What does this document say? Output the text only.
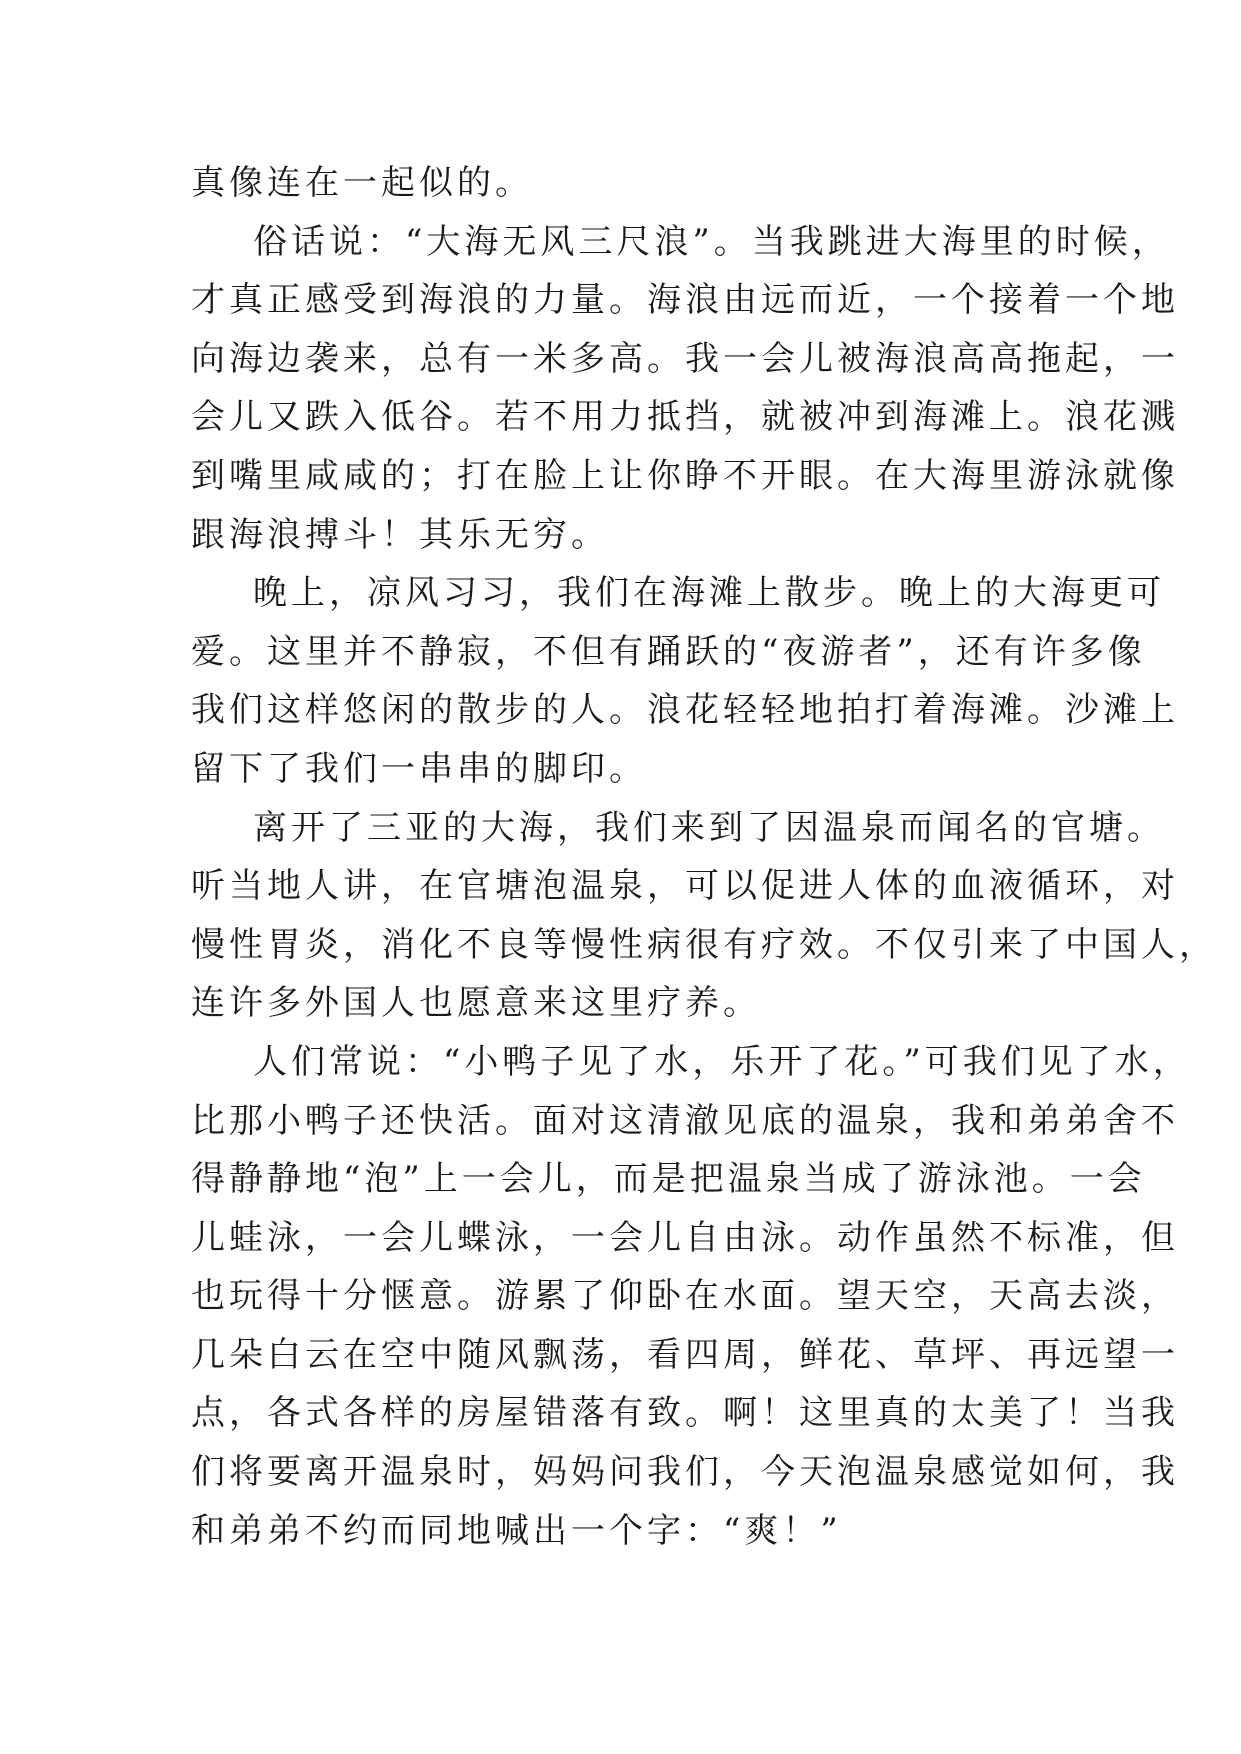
真像连在一起似的。
俗话说：“大海无风三尺浪”。当我跳进大海里的时候，
才真正感受到海浪的力量。海浪由远而近，一个接着一个地
向海边袭来，总有一米多高。我一会儿被海浪高高拖起，一
会儿又跌入低谷。若不用力抵挡，就被冲到海滩上。浪花溅
到嘴里咸咸的；打在脸上让你睁不开眼。在大海里游泳就像
跟海浪搏斗！其乐无穷。
晚上，凉风习习，我们在海滩上散步。晚上的大海更可
爱。这里并不静寂，不但有踊跃的“夜游者”，还有许多像
我们这样悠闲的散步的人。浪花轻轻地拍打着海滩。沙滩上
留下了我们一串串的脚印。
离开了三亚的大海，我们来到了因温泉而闻名的官塘。
听当地人讲，在官塘泡温泉，可以促进人体的血液循环，对
慢性胃炎，消化不良等慢性病很有疗效。不仅引来了中国人，
连许多外国人也愿意来这里疗养。
人们常说：“小鸭子见了水，乐开了花。”可我们见了水，
比那小鸭子还快活。面对这清澈见底的温泉，我和弟弟舍不
得静静地“泡”上一会儿，而是把温泉当成了游泳池。一会
儿蛙泳，一会儿蝶泳，一会儿自由泳。动作虽然不标准，但
也玩得十分惬意。游累了仰卧在水面。望天空，天高去淡，
几朵白云在空中随风飘荡，看四周，鲜花、草坪、再远望一
点，各式各样的房屋错落有致。啊！这里真的太美了！当我
们将要离开温泉时，妈妈问我们，今天泡温泉感觉如何，我
和弟弟不约而同地喊出一个字：“爽！”
